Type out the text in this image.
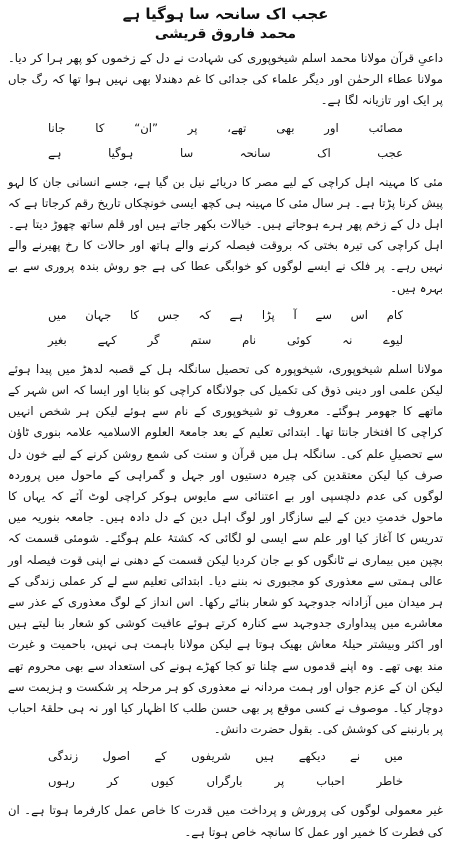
عجب اک سانحہ سا ہوگیا ہے
محمد فاروق قریشی

داعیِ قرآن مولانا محمد اسلم شیخوپوری کی شہادت نے دل کے زخموں کو پھر ہرا کر دیا۔ مولانا عطاء الرحمٰن اور دیگر علماء کی جدائی کا غم دھندلا بھی نہیں ہوا تھا کہ رگ جاں پر ایک اور تازیانہ لگا ہے۔

مصائب اور بھی تھے، پر ”ان“ کا جانا
عجب اک سانحہ سا ہوگیا ہے

مئی کا مہینہ اہل کراچی کے لیے مصر کا دریائے نیل بن گیا ہے، جسے انسانی جان کا لہو پیش کرنا پڑتا ہے۔ ہر سال مئی کا مہینہ ہی کچھ ایسی خونچکاں تاریخ رقم کرجاتا ہے کہ اہل دل کے زخم پھر ہرے ہوجاتے ہیں۔ خیالات بکھر جاتے ہیں اور قلم ساتھ چھوڑ دیتا ہے۔ اہل کراچی کی تیرہ بختی کہ بروقت فیصلہ کرنے والے ہاتھ اور حالات کا رخ پھیرنے والے نہیں رہے۔ پر فلک نے ایسے لوگوں کو خوابگی عطا کی ہے جو روش بندہ پروری سے بے بہرہ ہیں۔

کام اس سے آ پڑا ہے کہ جس کا جہان میں
لیوے نہ کوئی نام ستم گر کہے بغیر

مولانا اسلم شیخوپوری، شیخوپورہ کی تحصیل سانگلہ ہل کے قصبہ لدھڑ میں پیدا ہوئے لیکن علمی اور دینی ذوق کی تکمیل کی جولانگاہ کراچی کو بنایا اور ایسا کہ اس شہر کے ماتھے کا جھومر ہوگئے۔ معروف تو شیخوپوری کے نام سے ہوئے لیکن ہر شخص انہیں کراچی کا افتخار جانتا تھا۔ ابتدائی تعلیم کے بعد جامعۃ العلوم الاسلامیہ علامہ بنوری ٹاؤن سے تحصیلِ علم کی۔ سانگلہ ہل میں قرآن و سنت کی شمع روشن کرنے کے لیے خون دل صرف کیا لیکن معتقدین کی چیرہ دستیوں اور جہل و گمراہی کے ماحول میں پروردہ لوگوں کی عدم دلچسپی اور بے اعتنائی سے مایوس ہوکر کراچی لوٹ آئے کہ یہاں کا ماحول خدمتِ دین کے لیے سازگار اور لوگ اہل دین کے دل دادہ ہیں۔ جامعہ بنوریہ میں تدریس کا آغاز کیا اور علم سے ایسی لو لگائی کہ کشتۂ علم ہوگئے۔ شومئی قسمت کہ بچپن میں بیماری نے ٹانگوں کو بے جان کردیا لیکن قسمت کے دھنی نے اپنی قوت فیصلہ اور عالی ہمتی سے معذوری کو مجبوری نہ بننے دیا۔ ابتدائی تعلیم سے لے کر عملی زندگی کے ہر میدان میں آزادانہ جدوجہد کو شعار بنائے رکھا۔ اس انداز کے لوگ معذوری کے عذر سے معاشرے میں پیداواری جدوجہد سے کنارہ کرتے ہوئے عافیت کوشی کو شعار بنا لیتے ہیں اور اکثر وبیشتر حیلۂ معاش بھیک ہوتا ہے لیکن مولانا باہمت ہی نہیں، باحمیت و غیرت مند بھی تھے۔ وہ اپنے قدموں سے چلنا تو کجا کھڑے ہونے کی استعداد سے بھی محروم تھے لیکن ان کے عزم جواں اور ہمت مردانہ نے معذوری کو ہر مرحلہ پر شکست و ہزیمت سے دوچار کیا۔ موصوف نے کسی موقع پر بھی حسن طلب کا اظہار کیا اور نہ ہی حلقۂ احباب پر بارنبنے کی کوشش کی۔ بقول حضرت دانش۔

میں نے دیکھے ہیں شریفوں کے اصول زندگی
خاطر احباب پر بارگراں کیوں کر رہوں

غیر معمولی لوگوں کی پرورش و پرداخت میں قدرت کا خاص عمل کارفرما ہوتا ہے۔ ان کی فطرت کا خمیر اور عمل کا سانچہ خاص ہوتا ہے۔
